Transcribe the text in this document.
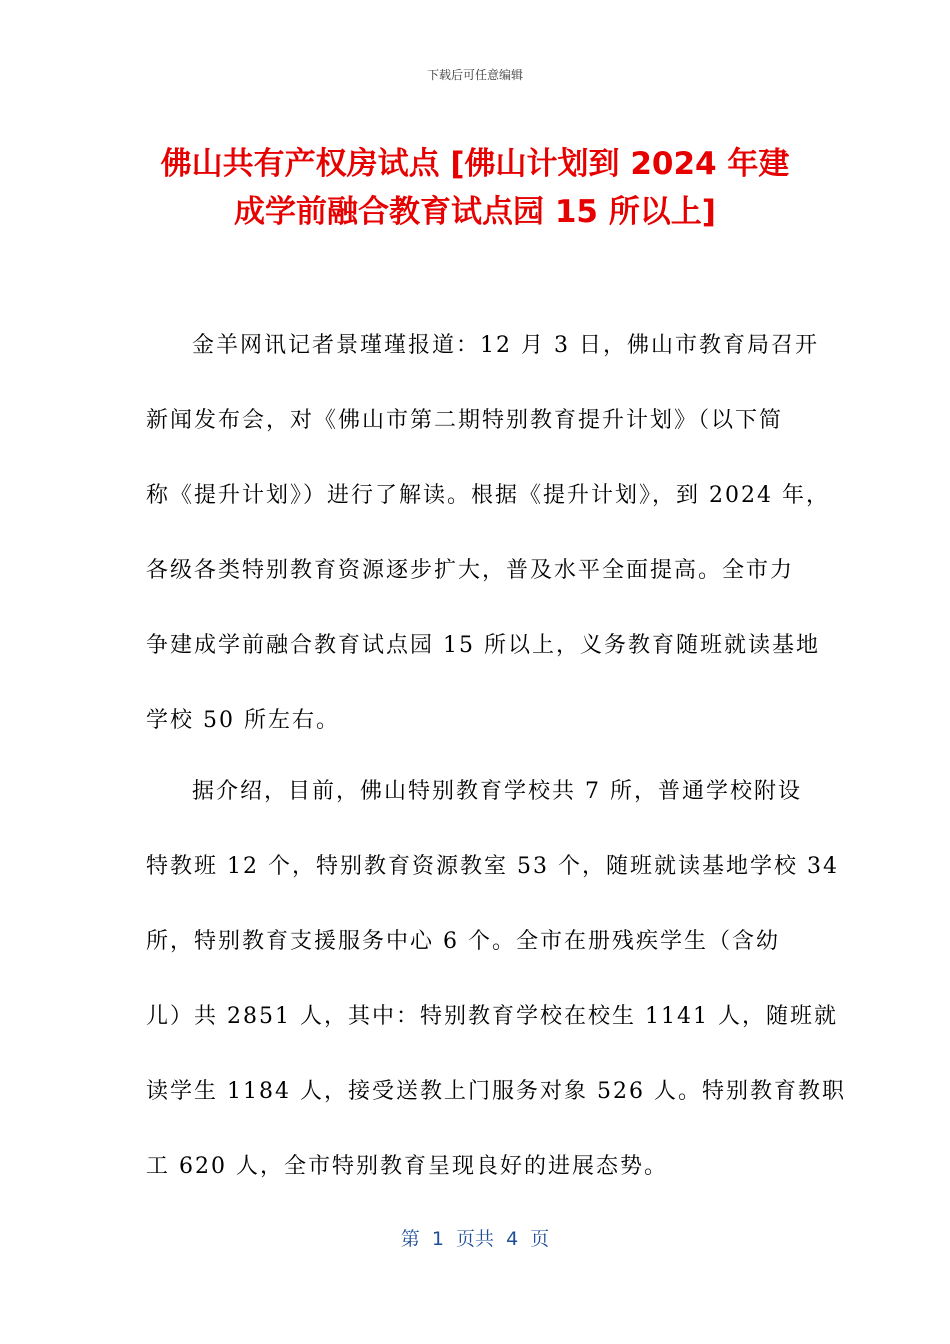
下载后可任意编辑
佛山共有产权房试点 [佛山计划到 2024 年建
成学前融合教育试点园 15 所以上]
金羊网讯记者景瑾瑾报道：12 月 3 日，佛山市教育局召开
新闻发布会，对《佛山市第二期特别教育提升计划》（以下简
称《提升计划》）进行了解读。根据《提升计划》，到 2024 年，
各级各类特别教育资源逐步扩大，普及水平全面提高。全市力
争建成学前融合教育试点园 15 所以上，义务教育随班就读基地
学校 50 所左右。
据介绍，目前，佛山特别教育学校共 7 所，普通学校附设
特教班 12 个，特别教育资源教室 53 个，随班就读基地学校 34
所，特别教育支援服务中心 6 个。全市在册残疾学生（含幼
儿）共 2851 人，其中：特别教育学校在校生 1141 人，随班就
读学生 1184 人，接受送教上门服务对象 526 人。特别教育教职
工 620 人，全市特别教育呈现良好的进展态势。
第  1  页共  4  页
